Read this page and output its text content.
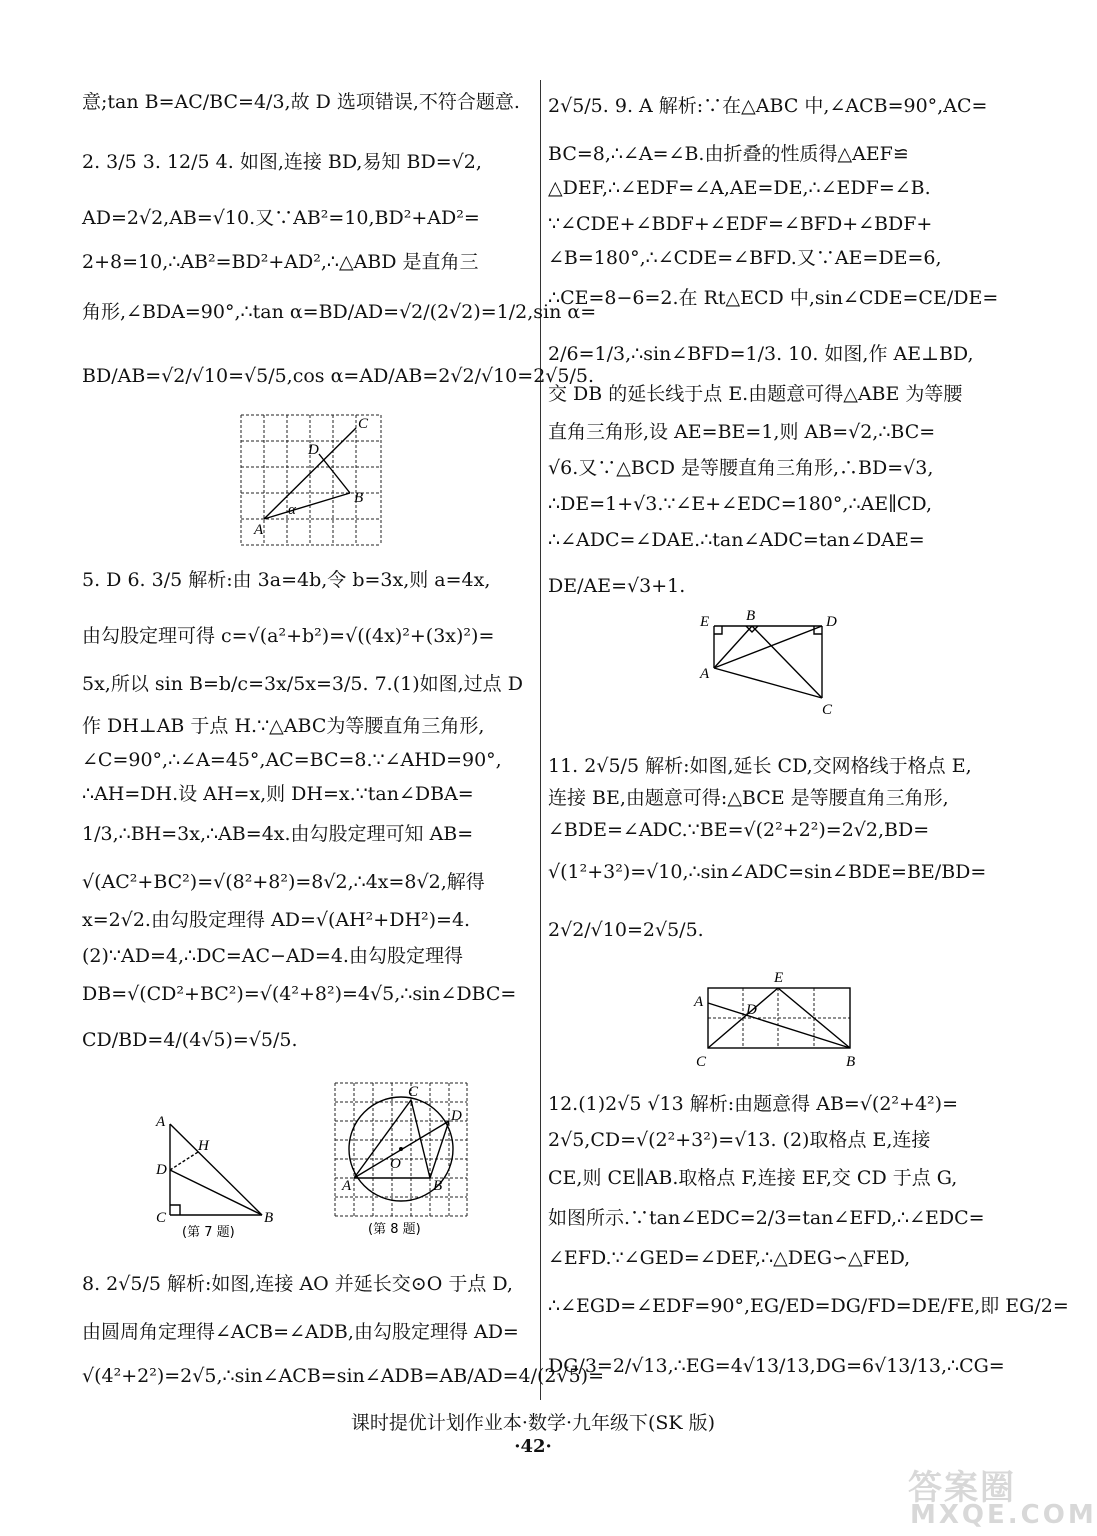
意;tan B=AC/BC=4/3,故 D 选项错误,不符合题意.
2. 3/5 3. 12/5 4. 如图,连接 BD,易知 BD=√2,
AD=2√2,AB=√10.又∵AB²=10,BD²+AD²=
2+8=10,∴AB²=BD²+AD²,∴△ABD 是直角三
角形,∠BDA=90°,∴tan α=BD/AD=√2/(2√2)=1/2,sin α=
BD/AB=√2/√10=√5/5,cos α=AD/AB=2√2/√10=2√5/5.
C
D
B
A
α
5. D 6. 3/5 解析:由 3a=4b,令 b=3x,则 a=4x,
由勾股定理可得 c=√(a²+b²)=√((4x)²+(3x)²)=
5x,所以 sin B=b/c=3x/5x=3/5. 7.(1)如图,过点 D
作 DH⊥AB 于点 H.∵△ABC为等腰直角三角形,
∠C=90°,∴∠A=45°,AC=BC=8.∵∠AHD=90°,
∴AH=DH.设 AH=x,则 DH=x.∵tan∠DBA=
1/3,∴BH=3x,∴AB=4x.由勾股定理可知 AB=
√(AC²+BC²)=√(8²+8²)=8√2,∴4x=8√2,解得
x=2√2.由勾股定理得 AD=√(AH²+DH²)=4.
(2)∵AD=4,∴DC=AC−AD=4.由勾股定理得
DB=√(CD²+BC²)=√(4²+8²)=4√5,∴sin∠DBC=
CD/BD=4/(4√5)=√5/5.
A
H
D
C	B
(第 7 题)
C
D
O
A	B
(第 8 题)
8. 2√5/5 解析:如图,连接 AO 并延长交⊙O 于点 D,
由圆周角定理得∠ACB=∠ADB,由勾股定理得 AD=
√(4²+2²)=2√5,∴sin∠ACB=sin∠ADB=AB/AD=4/(2√5)=
2√5/5. 9. A 解析:∵在△ABC 中,∠ACB=90°,AC=
BC=8,∴∠A=∠B.由折叠的性质得△AEF≌
△DEF,∴∠EDF=∠A,AE=DE,∴∠EDF=∠B.
∵∠CDE+∠BDF+∠EDF=∠BFD+∠BDF+
∠B=180°,∴∠CDE=∠BFD.又∵AE=DE=6,
∴CE=8−6=2.在 Rt△ECD 中,sin∠CDE=CE/DE=
2/6=1/3,∴sin∠BFD=1/3. 10. 如图,作 AE⊥BD,
交 DB 的延长线于点 E.由题意可得△ABE 为等腰
直角三角形,设 AE=BE=1,则 AB=√2,∴BC=
√6.又∵△BCD 是等腰直角三角形,∴BD=√3,
∴DE=1+√3.∵∠E+∠EDC=180°,∴AE∥CD,
∴∠ADC=∠DAE.∴tan∠ADC=tan∠DAE=
DE/AE=√3+1.
E B	D
A
C
11. 2√5/5 解析:如图,延长 CD,交网格线于格点 E,
连接 BE,由题意可得:△BCE 是等腰直角三角形,
∠BDE=∠ADC.∵BE=√(2²+2²)=2√2,BD=
√(1²+3²)=√10,∴sin∠ADC=sin∠BDE=BE/BD=
2√2/√10=2√5/5.
E
A	D
C	B
12.(1)2√5 √13 解析:由题意得 AB=√(2²+4²)=
2√5,CD=√(2²+3²)=√13. (2)取格点 E,连接
CE,则 CE∥AB.取格点 F,连接 EF,交 CD 于点 G,
如图所示.∵tan∠EDC=2/3=tan∠EFD,∴∠EDC=
∠EFD.∵∠GED=∠DEF,∴△DEG∽△FED,
∴∠EGD=∠EDF=90°,EG/ED=DG/FD=DE/FE,即 EG/2=
DG/3=2/√13,∴EG=4√13/13,DG=6√13/13,∴CG=
课时提优计划作业本·数学·九年级下(SK 版)
·42·
答案圈
MXQE.COM
